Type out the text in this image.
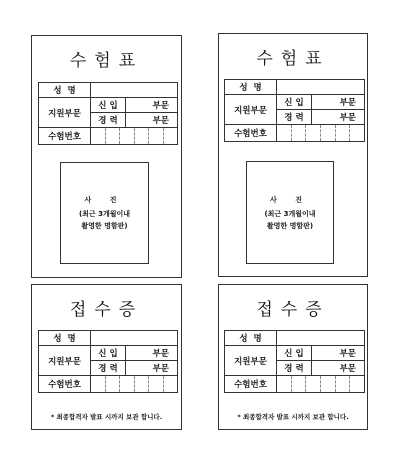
수험표
성  명		
지원부문	신 입	부문
	경 력	부문
수험번호		
사 진
(최근 3개월이내
촬영한 명함판)
수험표
성  명		
지원부문	신 입	부문
	경 력	부문
수험번호		
사 진
(최근 3개월이내
촬영한 명함판)
접수증
성  명		
지원부문	신 입	부문
	경 력	부문
수험번호		
* 최종합격자 발표 시까지 보관 합니다.
접수증
성  명		
지원부문	신 입	부문
	경 력	부문
수험번호		
* 최종합격자 발표 시까지 보관 합니다.
